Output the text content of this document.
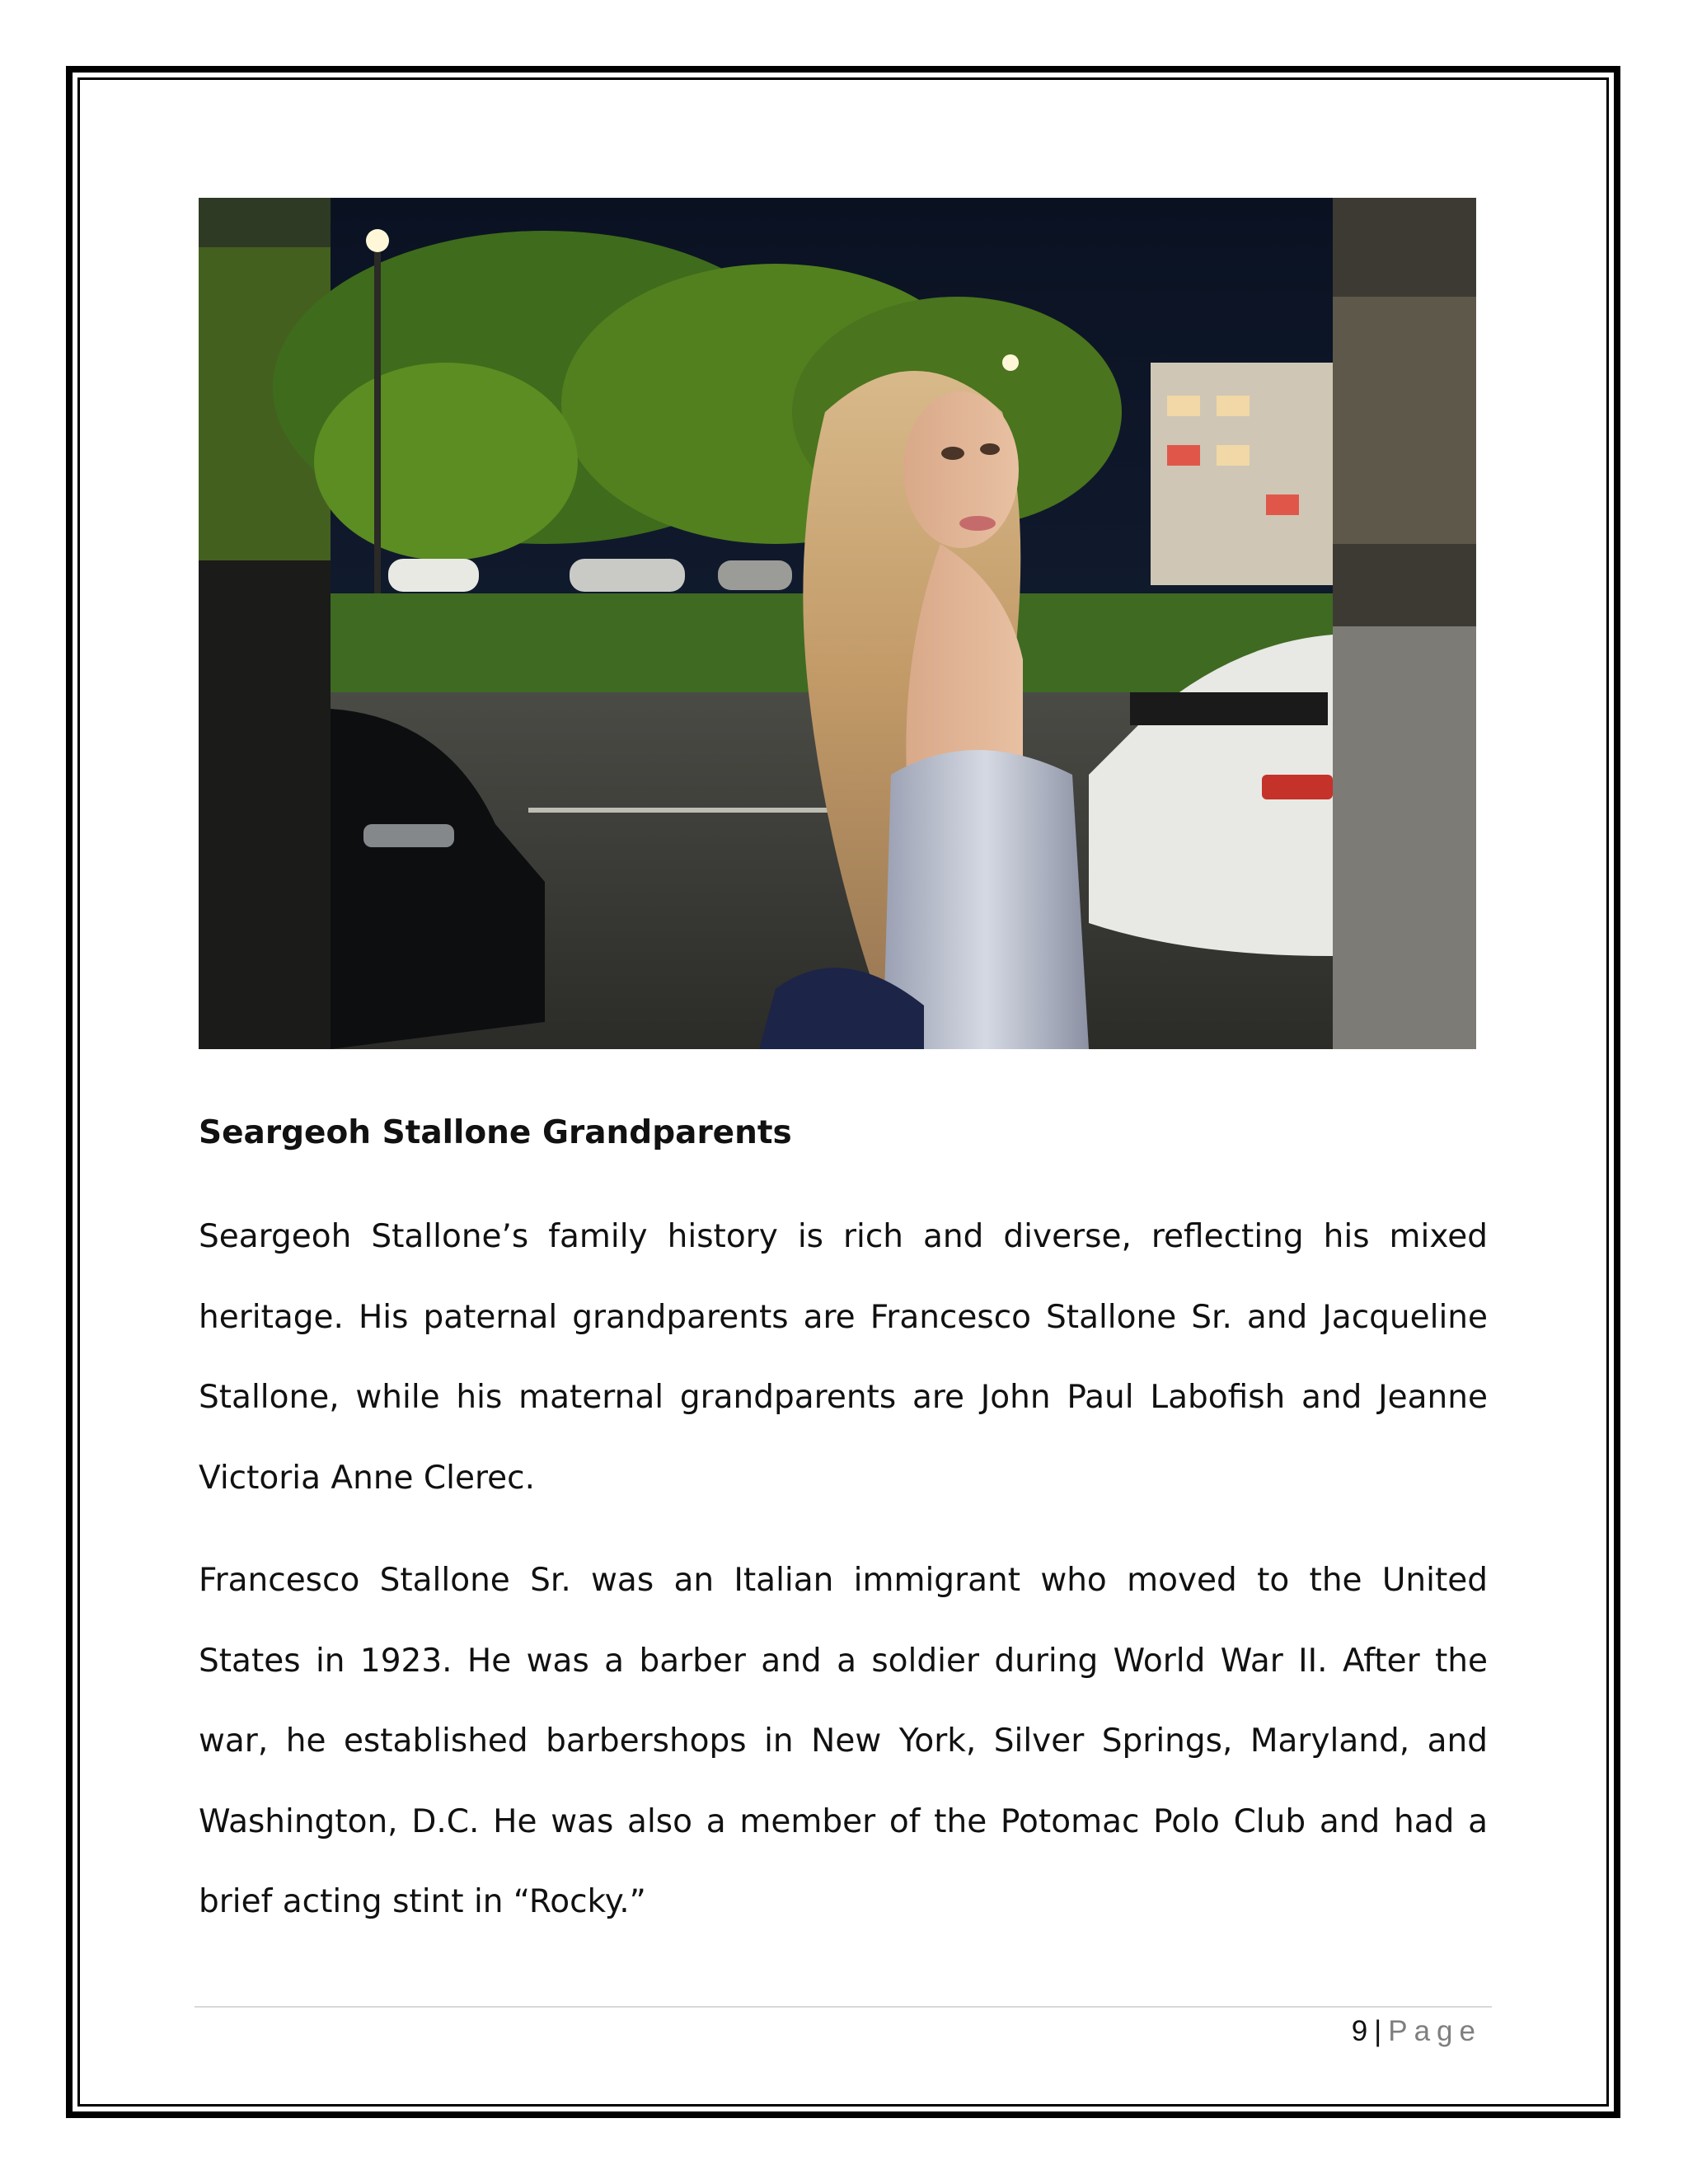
Seargeoh Stallone Grandparents

Seargeoh Stallone’s family history is rich and diverse, reflecting his mixed heritage. His paternal grandparents are Francesco Stallone Sr. and Jacqueline Stallone, while his maternal grandparents are John Paul Labofish and Jeanne Victoria Anne Clerec.

Francesco Stallone Sr. was an Italian immigrant who moved to the United States in 1923. He was a barber and a soldier during World War II. After the war, he established barbershops in New York, Silver Springs, Maryland, and Washington, D.C. He was also a member of the Potomac Polo Club and had a brief acting stint in “Rocky.”

9 | Page
